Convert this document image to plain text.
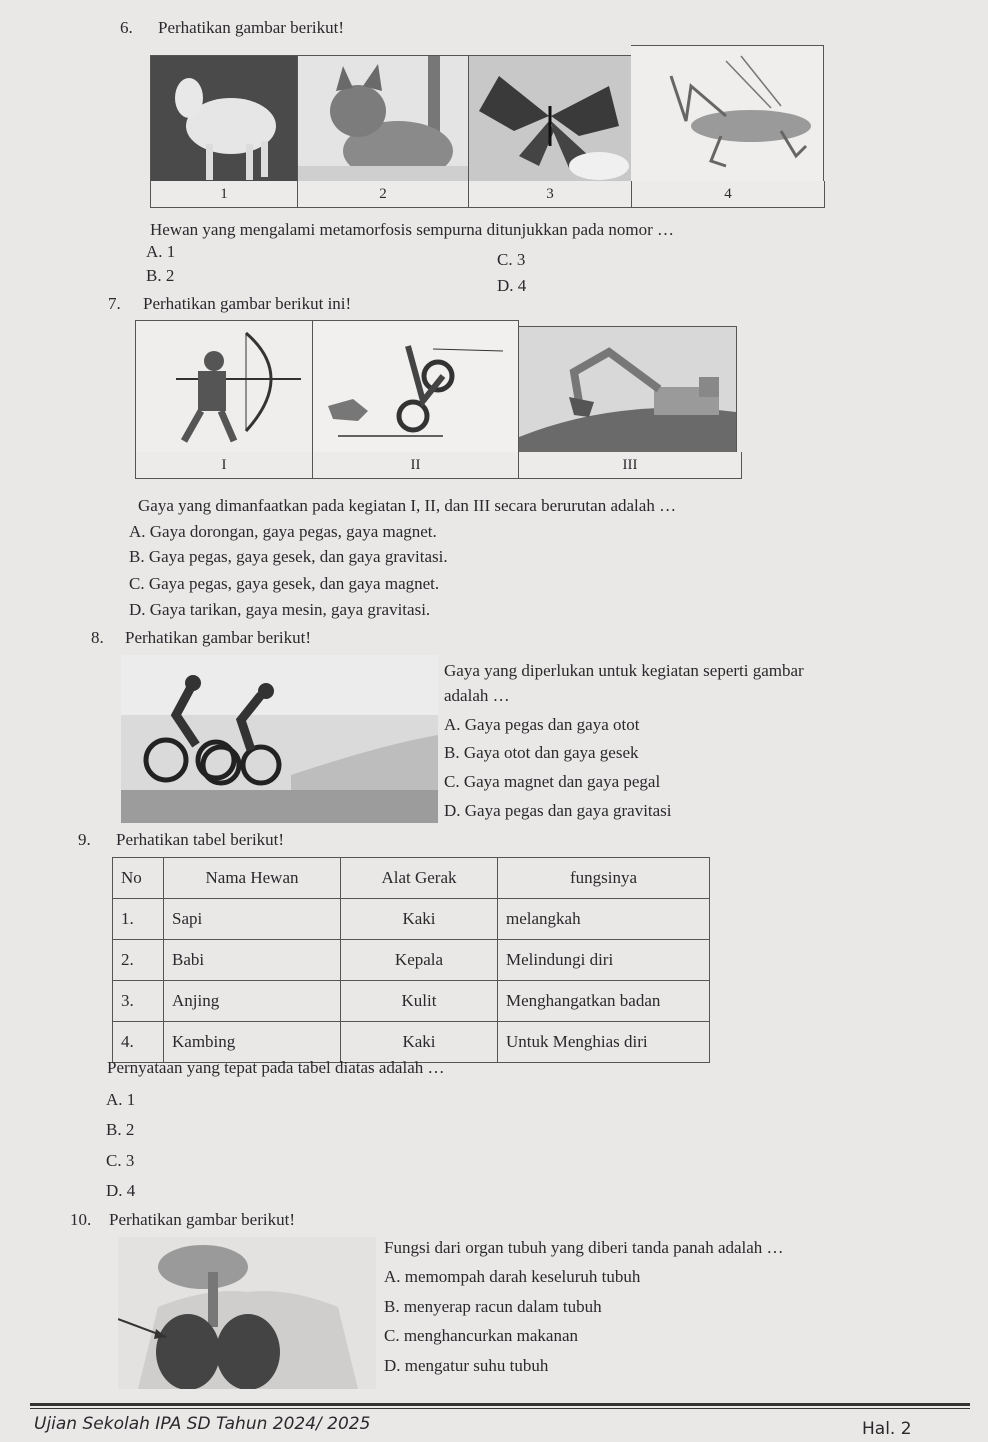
6. Perhatikan gambar berikut!
1	2	3	4
Hewan yang mengalami metamorfosis sempurna ditunjukkan pada nomor …
A. 1
B. 2
C. 3
D. 4
7. Perhatikan gambar berikut ini!
I	II	III
Gaya yang dimanfaatkan pada kegiatan I, II, dan III secara berurutan adalah …
A. Gaya dorongan, gaya pegas, gaya magnet.
B. Gaya pegas, gaya gesek, dan gaya gravitasi.
C. Gaya pegas, gaya gesek, dan gaya magnet.
D. Gaya tarikan, gaya mesin, gaya gravitasi.
8. Perhatikan gambar berikut!
Gaya yang diperlukan untuk kegiatan seperti gambar
adalah …
A. Gaya pegas dan gaya otot
B. Gaya otot dan gaya gesek
C. Gaya magnet dan gaya pegal
D. Gaya pegas dan gaya gravitasi
9. Perhatikan tabel berikut!
No	Nama Hewan	Alat Gerak	fungsinya
1.	Sapi	Kaki	melangkah
2.	Babi	Kepala	Melindungi diri
3.	Anjing	Kulit	Menghangatkan badan
4.	Kambing	Kaki	Untuk Menghias diri
Pernyataan yang tepat pada tabel diatas adalah …
A. 1
B. 2
C. 3
D. 4
10. Perhatikan gambar berikut!
Fungsi dari organ tubuh yang diberi tanda panah adalah …
A. memompah darah keseluruh tubuh
B. menyerap racun dalam tubuh
C. menghancurkan makanan
D. mengatur suhu tubuh
Ujian Sekolah IPA SD Tahun 2024/ 2025	Hal. 2
